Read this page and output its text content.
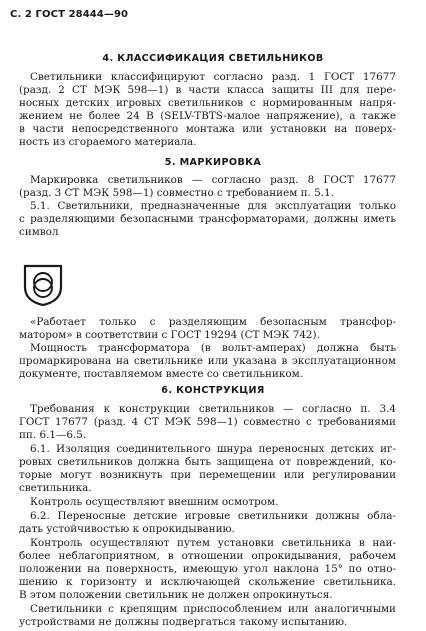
С. 2 ГОСТ 28444—90
4. КЛАССИФИКАЦИЯ СВЕТИЛЬНИКОВ
Светильники классифицируют согласно разд. 1 ГОСТ 17677
(разд. 2 СТ МЭК 598—1) в части класса защиты III для пере-
носных детских игровых светильников с нормированным напря-
жением не более 24 В (SELV-TBTS-малое напряжение), а также
в части непосредственного монтажа или установки на поверх-
ность из сгораемого материала.
5. МАРКИРОВКА
Маркировка светильников — согласно разд. 8 ГОСТ 17677
(разд. 3 СТ МЭК 598—1) совместно с требованием п. 5.1.
5.1. Светильники, предназначенные для эксплуатации только
с разделяющими безопасными трансформаторами, должны иметь
символ
«Работает только с разделяющим безопасным трансфор-
матором» в соответствии с ГОСТ 19294 (СТ МЭК 742).
Мощность трансформатора (в вольт-амперах) должна быть
промаркирована на светильнике или указана в эксплуатационном
документе, поставляемом вместе со светильником.
6. КОНСТРУКЦИЯ
Требования к конструкции светильников — согласно п. 3.4
ГОСТ 17677 (разд. 4 СТ МЭК 598—1) совместно с требованиями
пп. 6.1—6.5.
6.1. Изоляция соединительного шнура переносных детских иг-
ровых светильников должна быть защищена от повреждений, ко-
торые могут возникнуть при перемещении или регулировании
светильника.
Контроль осуществляют внешним осмотром.
6.2. Переносные детские игровые светильники должны обла-
дать устойчивостью к опрокидыванию.
Контроль осуществляют путем установки светильника в наи-
более неблагоприятном, в отношении опрокидывания, рабочем
положении на поверхность, имеющую угол наклона 15° по отно-
шению к горизонту и исключающей скольжение светильника.
В этом положении светильник не должен опрокинуться.
Светильники с крепящим приспособлением или аналогичными
устройствами не должны подвергаться такому испытанию.
